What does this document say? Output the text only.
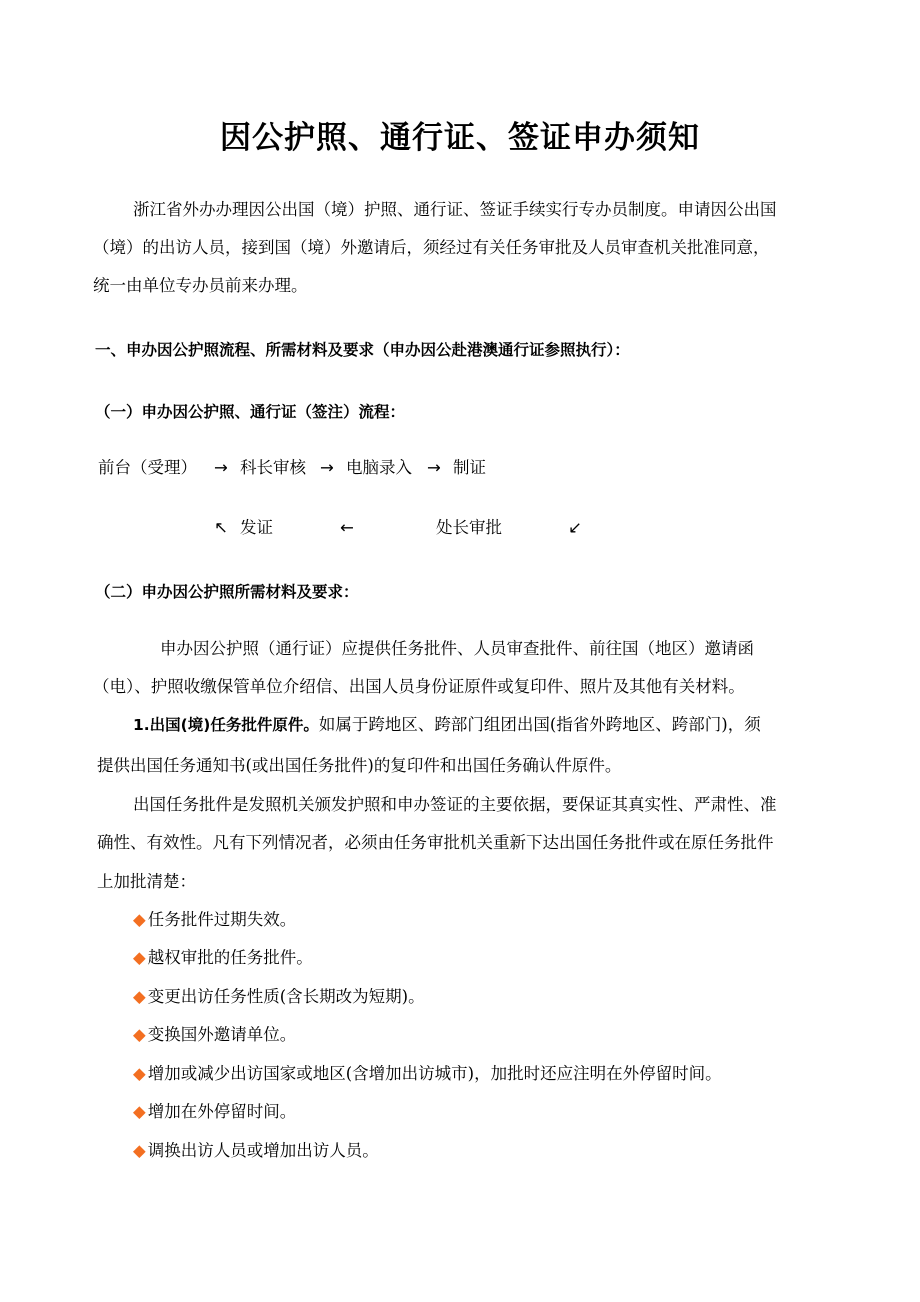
因公护照、通行证、签证申办须知

浙江省外办办理因公出国（境）护照、通行证、签证手续实行专办员制度。申请因公出国

（境）的出访人员，接到国（境）外邀请后，须经过有关任务审批及人员审查机关批准同意，

统一由单位专办员前来办理。

一、申办因公护照流程、所需材料及要求（申办因公赴港澳通行证参照执行）：

（一）申办因公护照、通行证（签注）流程：

前台（受理） → 科长审核 → 电脑录入 → 制证
↖ 发证	←	处长审批	↙

（二）申办因公护照所需材料及要求：

申办因公护照（通行证）应提供任务批件、人员审查批件、前往国（地区）邀请函

（电）、护照收缴保管单位介绍信、出国人员身份证原件或复印件、照片及其他有关材料。

1.出国(境)任务批件原件。如属于跨地区、跨部门组团出国(指省外跨地区、跨部门)，须

提供出国任务通知书(或出国任务批件)的复印件和出国任务确认件原件。

出国任务批件是发照机关颁发护照和申办签证的主要依据，要保证其真实性、严肃性、准

确性、有效性。凡有下列情况者，必须由任务审批机关重新下达出国任务批件或在原任务批件

上加批清楚：

◆ 任务批件过期失效。

◆ 越权审批的任务批件。

◆ 变更出访任务性质(含长期改为短期)。

◆ 变换国外邀请单位。

◆ 增加或减少出访国家或地区(含增加出访城市)，加批时还应注明在外停留时间。

◆ 增加在外停留时间。

◆ 调换出访人员或增加出访人员。
